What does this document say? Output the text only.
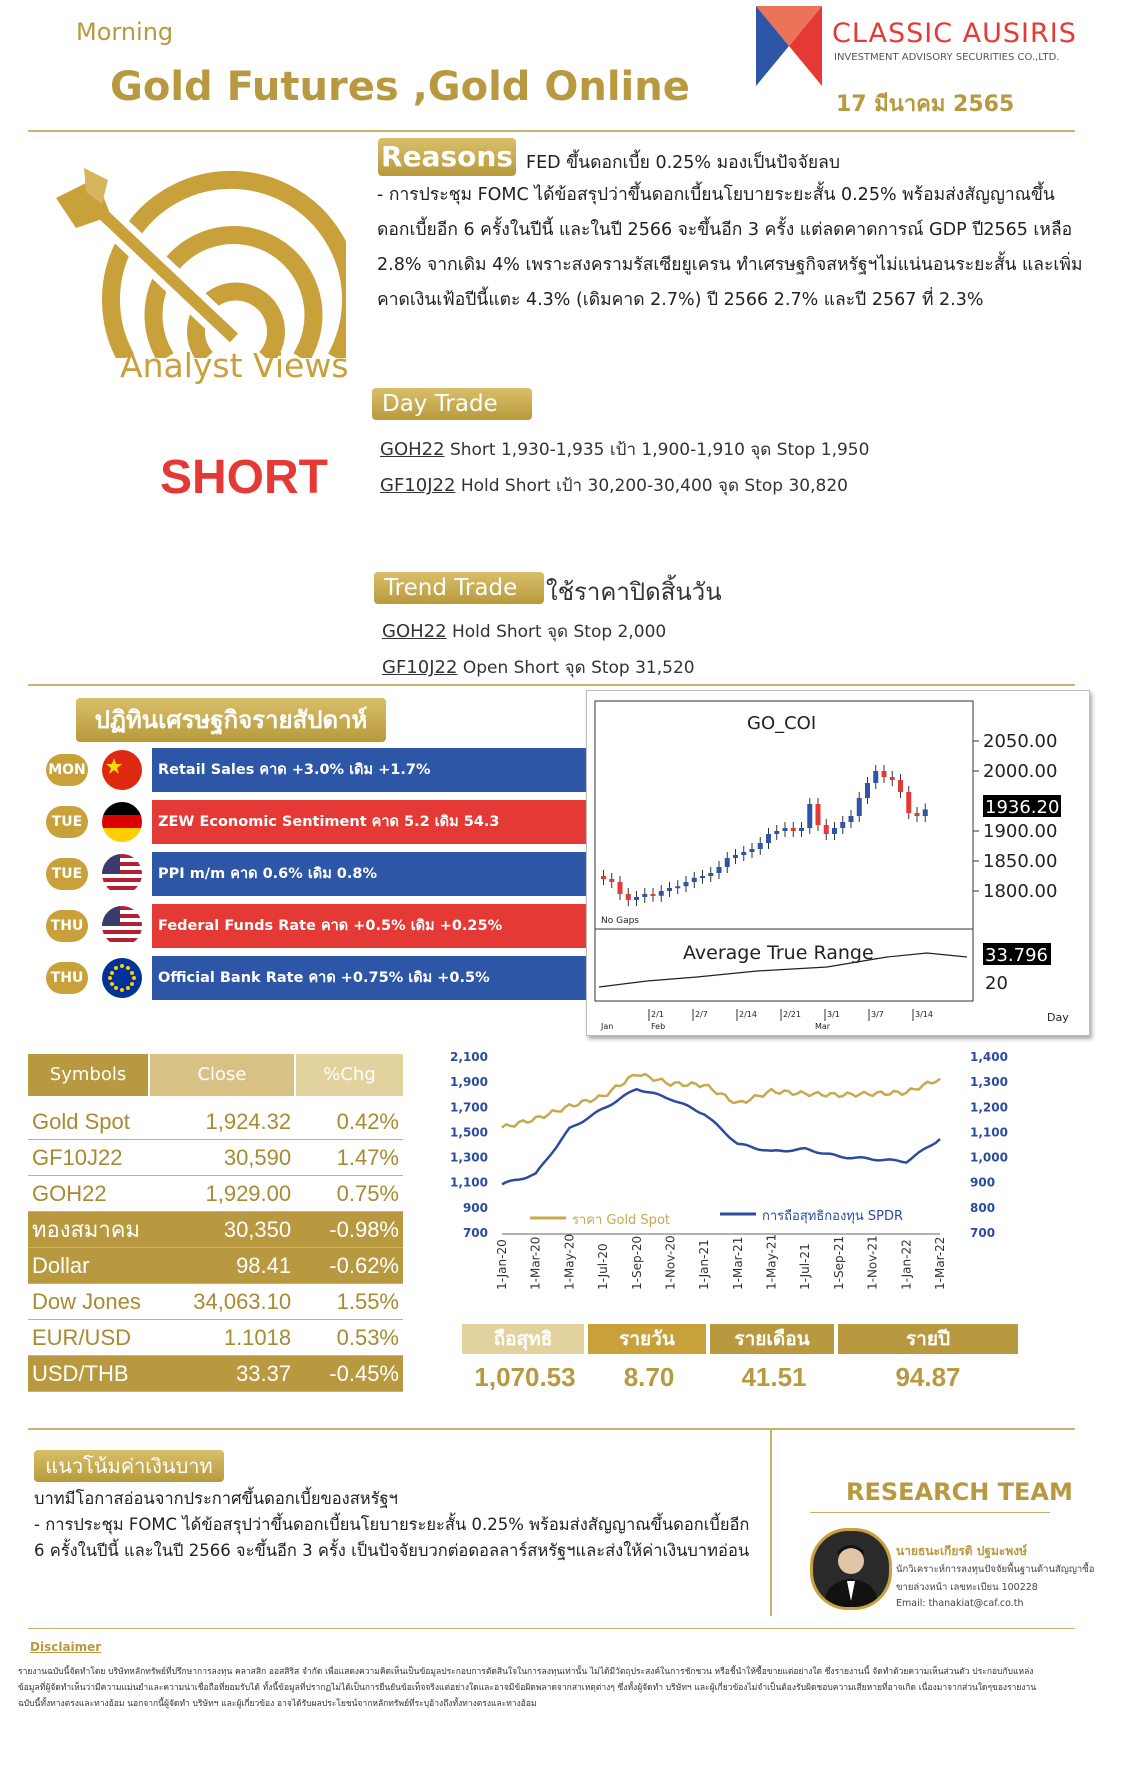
Morning
Gold Futures ,Gold Online
CLASSIC AUSIRIS
INVESTMENT ADVISORY SECURITIES CO.,LTD.
17 มีนาคม 2565
Analyst Views
SHORT
Reasons FED ขึ้นดอกเบี้ย 0.25% มองเป็นปัจจัยลบ
- การประชุม FOMC ได้ข้อสรุปว่าขึ้นดอกเบี้ยนโยบายระยะสั้น 0.25% พร้อมส่งสัญญาณขึ้น
ดอกเบี้ยอีก 6 ครั้งในปีนี้ และในปี 2566 จะขึ้นอีก 3 ครั้ง แต่ลดคาดการณ์ GDP ปี2565 เหลือ
2.8% จากเดิม 4% เพราะสงครามรัสเซียยูเครน ทำเศรษฐกิจสหรัฐฯไม่แน่นอนระยะสั้น และเพิ่ม
คาดเงินเฟ้อปีนี้แตะ 4.3% (เดิมคาด 2.7%) ปี 2566 2.7% และปี 2567 ที่ 2.3%
Day Trade
GOH22 Short 1,930-1,935 เป้า 1,900-1,910 จุด Stop 1,950
GF10J22 Hold Short เป้า 30,200-30,400 จุด Stop 30,820
Trend Trade	ใช้ราคาปิดสิ้นวัน
GOH22 Hold Short จุด Stop 2,000
GF10J22 Open Short จุด Stop 31,520
ปฏิทินเศรษฐกิจรายสัปดาห์
MON	Retail Sales คาด +3.0% เดิม +1.7%
TUE	ZEW Economic Sentiment คาด 5.2 เดิม 54.3
TUE	PPI m/m คาด 0.6% เดิม 0.8%
THU	Federal Funds Rate คาด +0.5% เดิม +0.25%
THU	Official Bank Rate คาด +0.75% เดิม +0.5%
GO_COI
No Gaps
Average True Range
1936.20
33.796
20
Day
2050.00
2000.00
1900.00
1850.00
1800.00
2/1	2/7	2/14	2/21	3/1	3/7	3/14
Jan	Feb	Mar
Symbols	Close	%Chg
Gold Spot	1,924.32	0.42%
GF10J22	30,590	1.47%
GOH22	1,929.00	0.75%
ทองสมาคม	30,350	-0.98%
Dollar	98.41	-0.62%
Dow Jones	34,063.10	1.55%
EUR/USD	1.1018	0.53%
USD/THB	33.37	-0.45%
2,100
1,900
1,700
1,500
1,300
1,100
900
700
1,400
1,300
1,200
1,100
1,000
900
800
700
1-Jan-20 1-Mar-20 1-May-20 1-Jul-20 1-Sep-20 1-Nov-20 1-Jan-21 1-Mar-21 1-May-21 1-Jul-21 1-Sep-21 1-Nov-21 1-Jan-22 1-Mar-22
ราคา Gold Spot	การถือสุทธิกองทุน SPDR
ถือสุทธิ	รายวัน	รายเดือน	รายปี
1,070.53	8.70	41.51	94.87
แนวโน้มค่าเงินบาท
บาทมีโอกาสอ่อนจากประกาศขึ้นดอกเบี้ยของสหรัฐฯ
- การประชุม FOMC ได้ข้อสรุปว่าขึ้นดอกเบี้ยนโยบายระยะสั้น 0.25% พร้อมส่งสัญญาณขึ้นดอกเบี้ยอีก
6 ครั้งในปีนี้ และในปี 2566 จะขึ้นอีก 3 ครั้ง เป็นปัจจัยบวกต่อดอลลาร์สหรัฐฯและส่งให้ค่าเงินบาทอ่อน
RESEARCH TEAM
นายธนะเกียรติ ปฐมะพงษ์
นักวิเคราะห์การลงทุนปัจจัยพื้นฐานด้านสัญญาซื้อ
ขายล่วงหน้า เลขทะเบียน 100228
Email: thanakiat@caf.co.th
Disclaimer
รายงานฉบับนี้จัดทำโดย บริษัทหลักทรัพย์ที่ปรึกษาการลงทุน คลาสสิก ออสสิริส จำกัด เพื่อแสดงความคิดเห็นเป็นข้อมูลประกอบการตัดสินใจในการลงทุนเท่านั้น ไม่ได้มีวัตถุประสงค์ในการชักชวน หรือชี้นำให้ซื้อขายแต่อย่างใด ซึ่งรายงานนี้ จัดทำด้วยความเห็นส่วนตัว ประกอบกับแหล่งข้อมูลที่ผู้จัดทำเห็นว่ามีความแม่นยำและความน่าเชื่อถือที่ยอมรับได้ ทั้งนี้ข้อมูลที่ปรากฏไม่ได้เป็นการยืนยันข้อเท็จจริงแต่อย่างใดและอาจมีข้อผิดพลาดจากสาเหตุต่างๆ ซึ่งทั้งผู้จัดทำ บริษัทฯ และผู้เกี่ยวข้องไม่จำเป็นต้องรับผิดชอบความเสียหายที่อาจเกิด เนื่องมาจากส่วนใดๆของรายงานฉบับนี้ทั้งทางตรงและทางอ้อม นอกจากนี้ผู้จัดทำ บริษัทฯ และผู้เกี่ยวข้อง อาจได้รับผลประโยชน์จากหลักทรัพย์ที่ระบุอ้างถึงทั้งทางตรงและทางอ้อม
